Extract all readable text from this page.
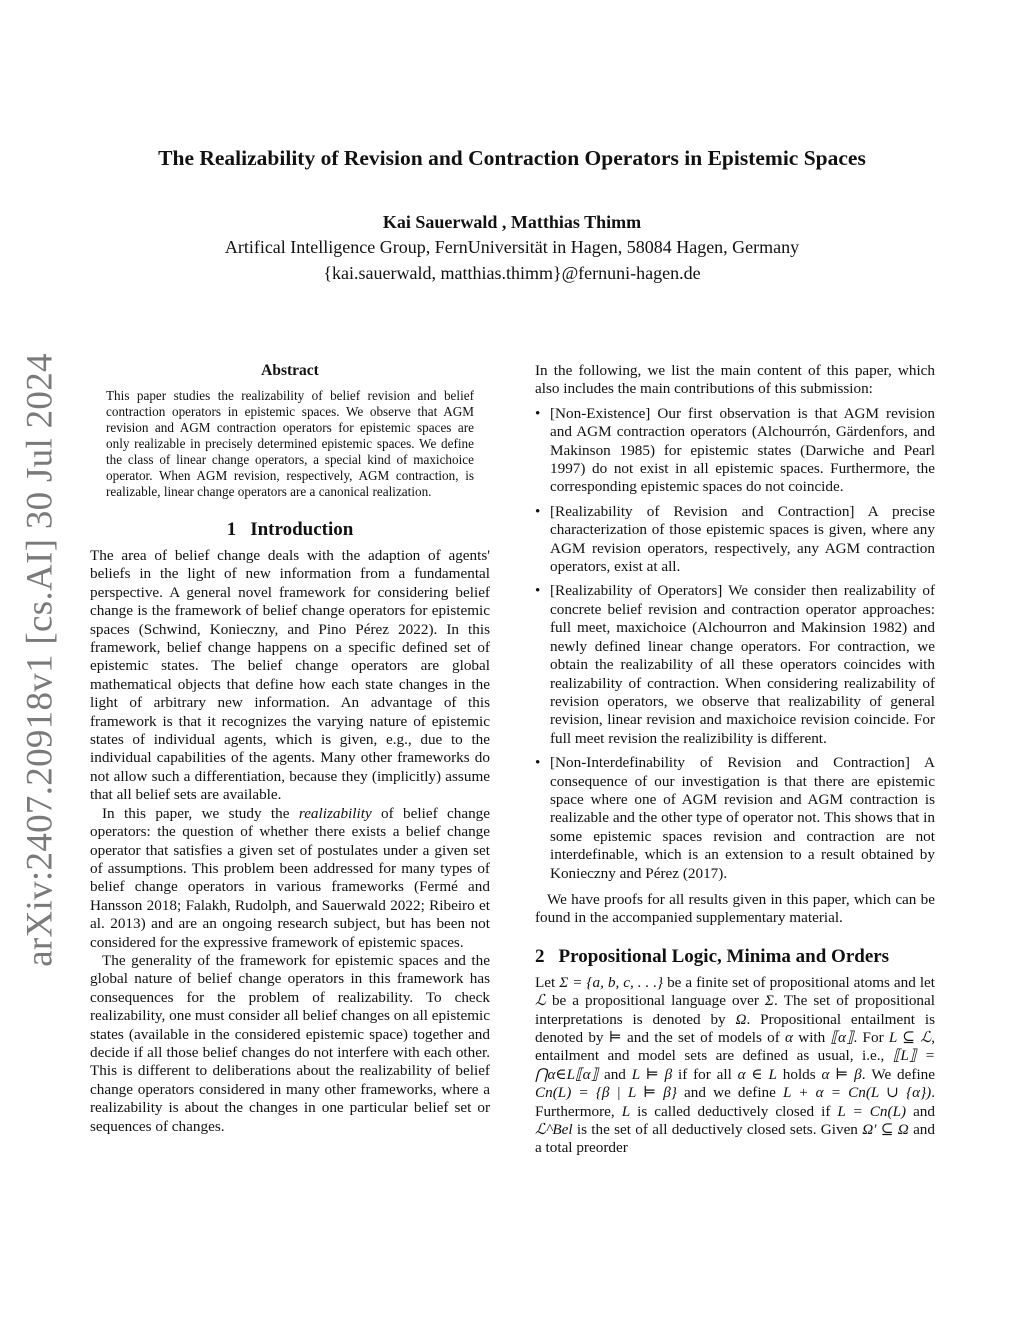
arXiv:2407.20918v1 [cs.AI] 30 Jul 2024
The Realizability of Revision and Contraction Operators in Epistemic Spaces
Kai Sauerwald , Matthias Thimm
Artifical Intelligence Group, FernUniversität in Hagen, 58084 Hagen, Germany
{kai.sauerwald, matthias.thimm}@fernuni-hagen.de
Abstract

This paper studies the realizability of belief revision and belief contraction operators in epistemic spaces. We observe that AGM revision and AGM contraction operators for epistemic spaces are only realizable in precisely determined epistemic spaces. We define the class of linear change operators, a special kind of maxichoice operator. When AGM revision, respectively, AGM contraction, is realizable, linear change operators are a canonical realization.

1 Introduction

The area of belief change deals with the adaption of agents' beliefs in the light of new information from a fundamental perspective. A general novel framework for considering belief change is the framework of belief change operators for epistemic spaces (Schwind, Konieczny, and Pino Pérez 2022). In this framework, belief change happens on a specific defined set of epistemic states. The belief change operators are global mathematical objects that define how each state changes in the light of arbitrary new information. An advantage of this framework is that it recognizes the varying nature of epistemic states of individual agents, which is given, e.g., due to the individual capabilities of the agents. Many other frameworks do not allow such a differentiation, because they (implicitly) assume that all belief sets are available.

In this paper, we study the realizability of belief change operators: the question of whether there exists a belief change operator that satisfies a given set of postulates under a given set of assumptions. This problem been addressed for many types of belief change operators in various frameworks (Fermé and Hansson 2018; Falakh, Rudolph, and Sauerwald 2022; Ribeiro et al. 2013) and are an ongoing research subject, but has been not considered for the expressive framework of epistemic spaces.

The generality of the framework for epistemic spaces and the global nature of belief change operators in this framework has consequences for the problem of realizability. To check realizability, one must consider all belief changes on all epistemic states (available in the considered epistemic space) together and decide if all those belief changes do not interfere with each other. This is different to deliberations about the realizability of belief change operators considered in many other frameworks, where a realizability is about the changes in one particular belief set or sequences of changes.

In the following, we list the main content of this paper, which also includes the main contributions of this submission:

• [Non-Existence] Our first observation is that AGM revision and AGM contraction operators (Alchourrón, Gärdenfors, and Makinson 1985) for epistemic states (Darwiche and Pearl 1997) do not exist in all epistemic spaces. Furthermore, the corresponding epistemic spaces do not coincide.
• [Realizability of Revision and Contraction] A precise characterization of those epistemic spaces is given, where any AGM revision operators, respectively, any AGM contraction operators, exist at all.
• [Realizability of Operators] We consider then realizability of concrete belief revision and contraction operator approaches: full meet, maxichoice (Alchourron and Makinsion 1982) and newly defined linear change operators. For contraction, we obtain the realizability of all these operators coincides with realizability of contraction. When considering realizability of revision operators, we observe that realizability of general revision, linear revision and maxichoice revision coincide. For full meet revision the realizibility is different.
• [Non-Interdefinability of Revision and Contraction] A consequence of our investigation is that there are epistemic space where one of AGM revision and AGM contraction is realizable and the other type of operator not. This shows that in some epistemic spaces revision and contraction are not interdefinable, which is an extension to a result obtained by Konieczny and Pérez (2017).

We have proofs for all results given in this paper, which can be found in the accompanied supplementary material.

2 Propositional Logic, Minima and Orders

Let Σ = {a, b, c, . . .} be a finite set of propositional atoms and let ℒ be a propositional language over Σ. The set of propositional interpretations is denoted by Ω. Propositional entailment is denoted by ⊨ and the set of models of α with ⟦α⟧. For L ⊆ ℒ, entailment and model sets are defined as usual, i.e., ⟦L⟧ = ⋂α∈L⟦α⟧ and L ⊨ β if for all α ∈ L holds α ⊨ β. We define Cn(L) = {β | L ⊨ β} and we define L + α = Cn(L ∪ {α}). Furthermore, L is called deductively closed if L = Cn(L) and ℒ^Bel is the set of all deductively closed sets. Given Ω′ ⊆ Ω and a total preorder
